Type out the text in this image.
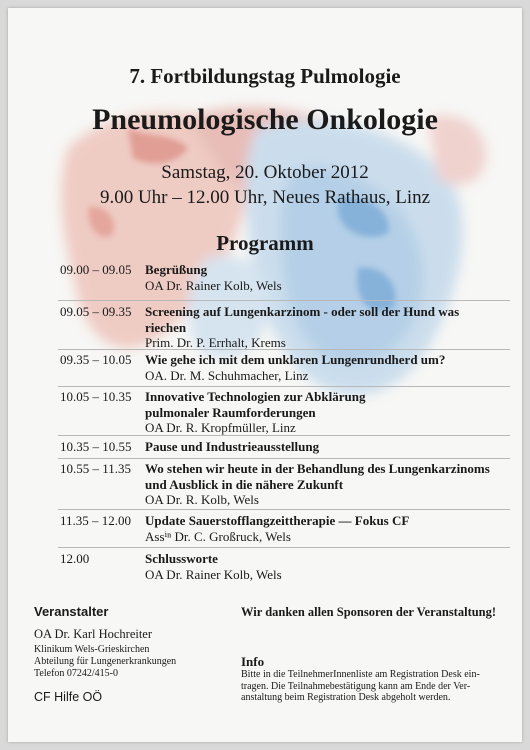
7. Fortbildungstag Pulmologie
Pneumologische Onkologie
Samstag, 20. Oktober 2012
9.00 Uhr – 12.00 Uhr, Neues Rathaus, Linz
Programm
09.00 – 09.05	Begrüßung
OA Dr. Rainer Kolb, Wels
09.05 – 09.35	Screening auf Lungenkarzinom - oder soll der Hund was
riechen
Prim. Dr. P. Errhalt, Krems
09.35 – 10.05	Wie gehe ich mit dem unklaren Lungenrundherd um?
OA. Dr. M. Schuhmacher, Linz
10.05 – 10.35	Innovative Technologien zur Abklärung
pulmonaler Raumforderungen
OA Dr. R. Kropfmüller, Linz
10.35 – 10.55	Pause und Industrieausstellung
10.55 – 11.35	Wo stehen wir heute in der Behandlung des Lungenkarzinoms
und Ausblick in die nähere Zukunft
OA Dr. R. Kolb, Wels
11.35 – 12.00	Update Sauerstofflangzeittherapie — Fokus CF
Assⁱⁿ Dr. C. Großruck, Wels
12.00	Schlussworte
OA Dr. Rainer Kolb, Wels
Veranstalter
OA Dr. Karl Hochreiter
Klinikum Wels-Grieskirchen
Abteilung für Lungenerkrankungen
Telefon 07242/415-0
CF Hilfe OÖ
Wir danken allen Sponsoren der Veranstaltung!
Info
Bitte in die TeilnehmerInnenliste am Registration Desk ein-
tragen. Die Teilnahmebestätigung kann am Ende der Ver-
anstaltung beim Registration Desk abgeholt werden.
